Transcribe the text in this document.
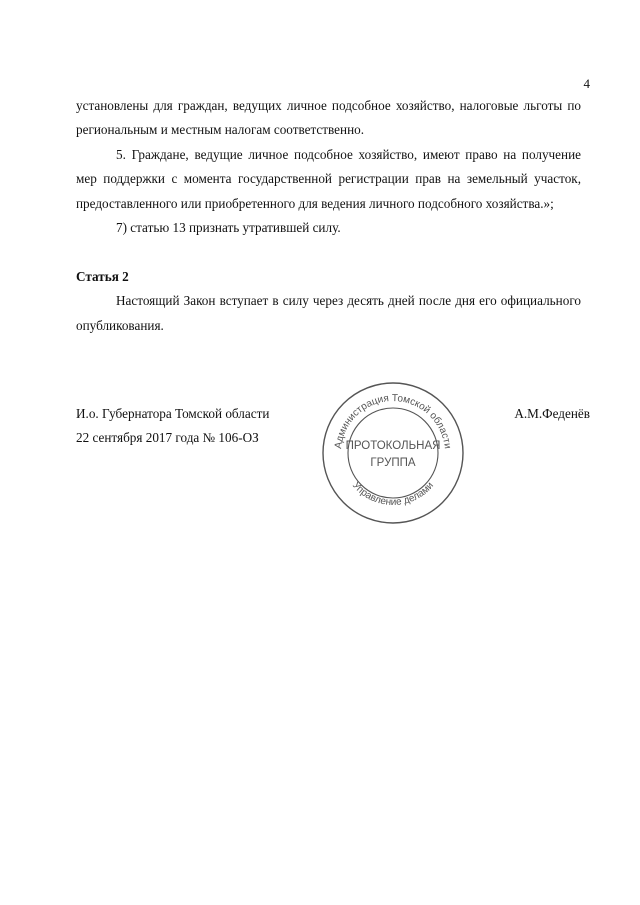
4

установлены для граждан, ведущих личное подсобное хозяйство, налоговые льготы по региональным и местным налогам соответственно.

5. Граждане, ведущие личное подсобное хозяйство, имеют право на получение мер поддержки с момента государственной регистрации прав на земельный участок, предоставленного или приобретенного для ведения личного подсобного хозяйства.»;

7) статью 13 признать утратившей силу.

Статья 2

Настоящий Закон вступает в силу через десять дней после дня его официального опубликования.

И.о. Губернатора Томской области
22 сентября 2017 года № 106-ОЗ
А.М.Феденёв
Администрация Томской области
Управление делами
ПРОТОКОЛЬНАЯ
ГРУППА
